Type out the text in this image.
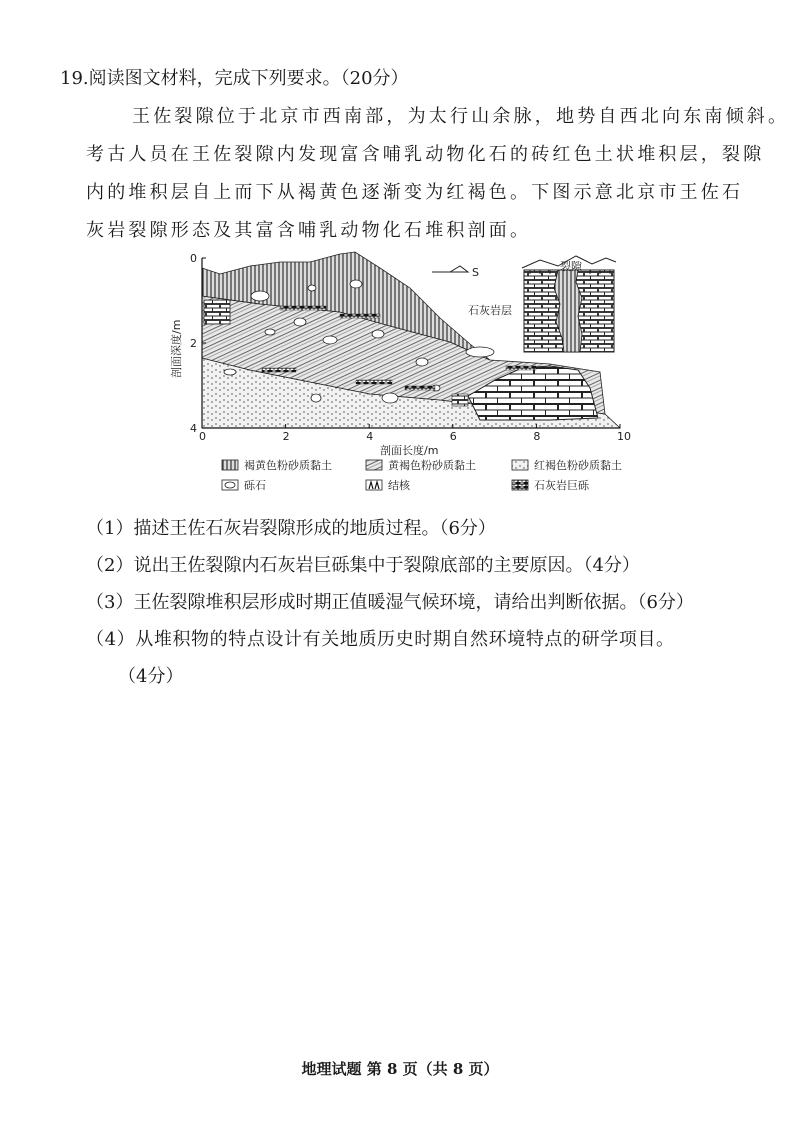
19.阅读图文材料，完成下列要求。（20分）
王佐裂隙位于北京市西南部，为太行山余脉，地势自西北向东南倾斜。
考古人员在王佐裂隙内发现富含哺乳动物化石的砖红色土状堆积层，裂隙
内的堆积层自上而下从褐黄色逐渐变为红褐色。下图示意北京市王佐石
灰岩裂隙形态及其富含哺乳动物化石堆积剖面。
0	2	4	6	8	10
0
2
4
剖面深度/m
剖面长度/m
S	裂隙
石灰岩层
褐黄色粉砂质黏土	黄褐色粉砂质黏土	红褐色粉砂质黏土
砾石	结核	石灰岩巨砾
（1）描述王佐石灰岩裂隙形成的地质过程。（6分）
（2）说出王佐裂隙内石灰岩巨砾集中于裂隙底部的主要原因。（4分）
（3）王佐裂隙堆积层形成时期正值暖湿气候环境，请给出判断依据。（6分）
（4）从堆积物的特点设计有关地质历史时期自然环境特点的研学项目。
（4分）
地理试题 第 8 页（共 8 页）
